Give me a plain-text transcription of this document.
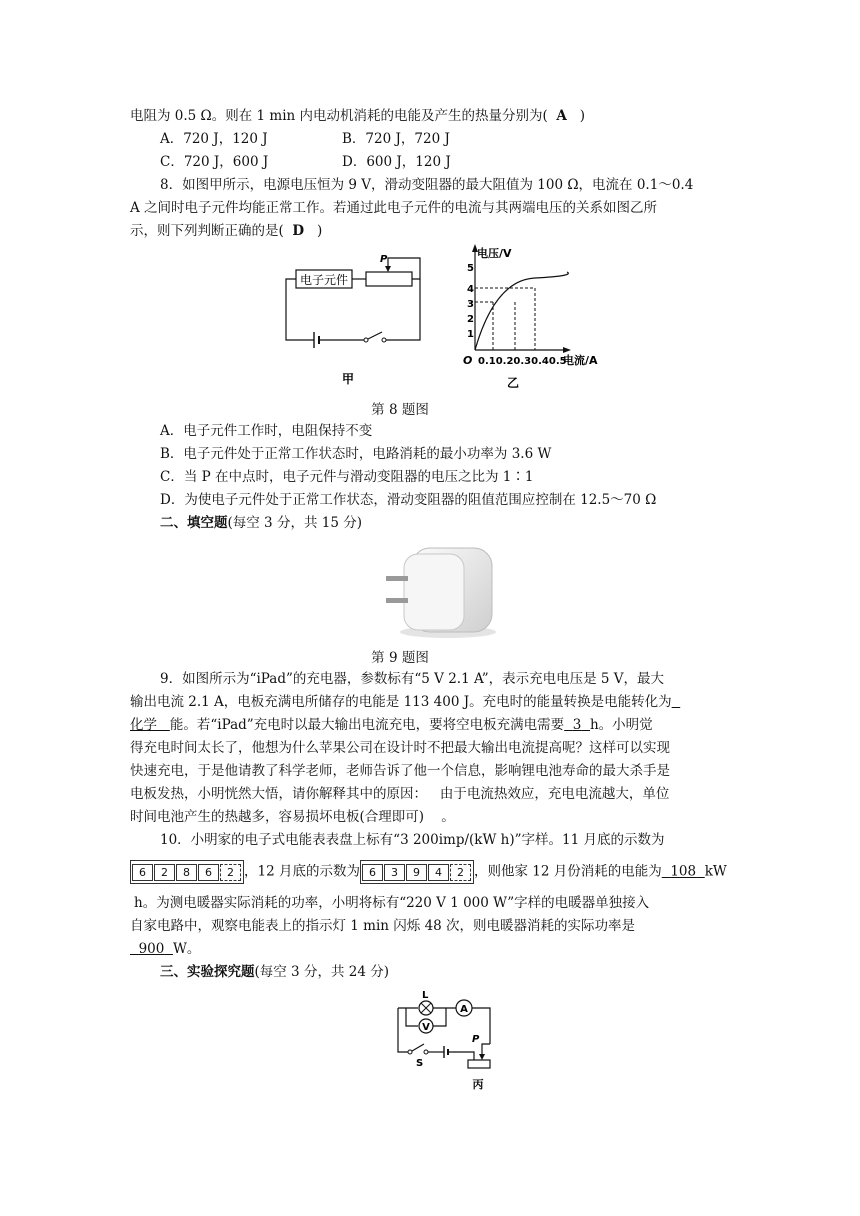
电阻为 0.5 Ω。则在 1 min 内电动机消耗的电能及产生的热量分别为( A )
A．720 J，120 J	B．720 J，720 J
C．720 J，600 J	D．600 J，120 J
8．如图甲所示，电源电压恒为 9 V，滑动变阻器的最大阻值为 100 Ω，电流在 0.1～0.4
A 之间时电子元件均能正常工作。若通过此电子元件的电流与其两端电压的关系如图乙所
示，则下列判断正确的是( D )
电子元件
P
甲
电压/V
电流/A
O
1
2
3
4
5
0.10.20.30.40.5
乙
第 8 题图
A．电子元件工作时，电阻保持不变
B．电子元件处于正常工作状态时，电路消耗的最小功率为 3.6 W
C．当 P 在中点时，电子元件与滑动变阻器的电压之比为 1∶1
D．为使电子元件处于正常工作状态，滑动变阻器的阻值范围应控制在 12.5～70 Ω
二、填空题(每空 3 分，共 15 分)
第 9 题图
9．如图所示为“iPad”的充电器，参数标有“5 V 2.1 A”，表示充电电压是 5 V，最大
输出电流 2.1 A，电板充满电所储存的电能是 113 400 J。充电时的能量转换是电能转化为
化学 能。若“iPad”充电时以最大输出电流充电，要将空电板充满电需要 3 h。小明觉
得充电时间太长了，他想为什么苹果公司在设计时不把最大输出电流提高呢？这样可以实现
快速充电，于是他请教了科学老师，老师告诉了他一个信息，影响锂电池寿命的最大杀手是
电板发热，小明恍然大悟，请你解释其中的原因： 由于电流热效应，充电电流越大，单位
时间电池产生的热越多，容易损坏电板(合理即可) 。
10．小明家的电子式电能表表盘上标有“3 200imp/(kW h)”字样。11 月底的示数为
6 2 8 6 2 ，12 月底的示数为 6 3 9 4 2 ，则他家 12 月份消耗的电能为 108 kW
h。为测电暖器实际消耗的功率，小明将标有“220 V 1 000 W”字样的电暖器单独接入
自家电路中，观察电能表上的指示灯 1 min 闪烁 48 次，则电暖器消耗的实际功率是
900 W。
三、实验探究题(每空 3 分，共 24 分)
L
A
V
S
P
丙
